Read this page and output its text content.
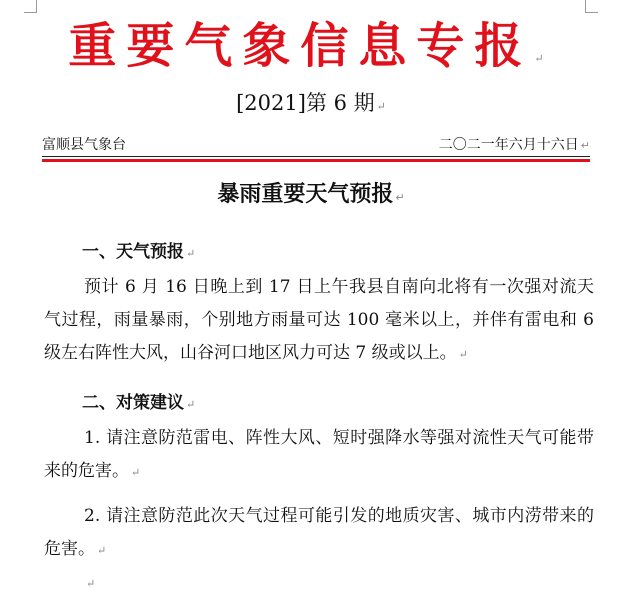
重要气象信息专报 ↵
[2021]第 6 期 ↵
富顺县气象台	二〇二一年六月十六日 ↵
暴雨重要天气预报 ↵
一、天气预报 ↵
预计 6 月 16 日晚上到 17 日上午我县自南向北将有一次强对流天气过程，雨量暴雨，个别地方雨量可达 100 毫米以上，并伴有雷电和 6 级左右阵性大风，山谷河口地区风力可达 7 级或以上。 ↵
二、对策建议 ↵
1. 请注意防范雷电、阵性大风、短时强降水等强对流性天气可能带来的危害。 ↵
2. 请注意防范此次天气过程可能引发的地质灾害、城市内涝带来的危害。 ↵
↵
